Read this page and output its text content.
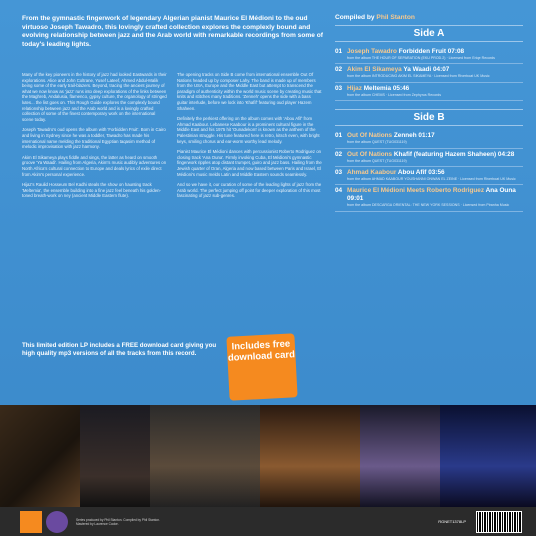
From the gymnastic fingerwork of legendary Algerian pianist Maurice El Médioni to the oud virtuoso Joseph Tawadro, this lovingly crafted collection explores the complexly bound and evolving relationship between jazz and the Arab world with remarkable recordings from some of today's leading lights.

Many of the key pioneers in the history of jazz had looked Eastwards in their explorations. Alice and John Coltrane, Yusef Lateef, Ahmed Abdul-Malik being some of the early trail-blazers. Beyond, tracing the ancient journey of what we now know as 'jazz' runs into deep explorations of the links between the Maghreb, Andalusia, flamenco, gypsy culture, the organology of stringed lutes... the list goes on. This Rough Guide explores the complexly bound relationship between jazz and the Arab world and is a lovingly crafted collection of some of the finest contemporary work on the international scene today.

Joseph Tawadro's oud opens the album with 'Forbidden Fruit'. Born in Cairo and living in Sydney since he was a toddler, Tawadro has made his international name melding the traditional Egyptian taqasim method of melodic improvisation with jazz harmony.

Akim El Sikameya plays fiddle and sings, the latter as heard on smooth groove 'Ya Waadi'. Hailing from Algeria, Akim's music audibly adventures on North Africa's cultural connection to Europe and deals lyrics of exile direct from Akim's personal experience.

Hijaz's Raulid Hosseum Bel Kadhi steals the show on haunting track 'Meltemia', the ensemble building into a fine jazz feel beneath his golden-toned breath-work on ney (ancient Middle Eastern flute).

The opening tracks on Side B come from international ensemble Out Of Nations headed up by composer Lahy. The band is made up of members from the USA, Europe and the Middle East but attempt to transcend the paradigm of authenticity within the world music scene by creating music that knits and stitches many traditions. 'Zenneh' opens the side with a bass guitar interlude, before we lock into 'Khafif' featuring oud player Hazem Shaheen.

Definitely the perkiest offering on the album comes with 'Abou Afif' from Ahmad Kaabour. Lebanese Kaabour is a prominent cultural figure in the Middle East and his 1975 hit 'Ounadekom' is known as the anthem of the Palestinian struggle. His tune featured here is retro, kitsch even, with bright keys, smiling chorus and ear-worm worthy lead melody.

Pianist Maurice El Médioni dances with percussionist Roberto Rodriguez on closing track 'Ana Ouna'. Firmly invoking Cuba, El Médioni's gymnastic fingerwork ripples atop distant trumpet, guiro and jazz bass. Hailing from the Jewish quarter of Oran, Algeria and now based between Paris and Israel, El Médioni's music melds Latin and Middle Eastern sounds seamlessly.

And so we have it, our curation of some of the leading lights of jazz from the Arab world. The perfect jumping off point for deeper exploration of this most fascinating of jazz sub-genres.

This limited edition LP includes a FREE download card giving you high quality mp3 versions of all the tracks from this record.
Includes free download card
Compiled by Phil Stanton
Side A
01 Joseph Tawadro Forbidden Fruit 07:08
from the album THE HOUR OF SEPARATION (EKU PROD.2) · Licensed from Eriqe Records
02 Akim El Sikameya Ya Waadi 04:07
from the album INTRODUCING AKIM EL SIKAMEYA · Licensed from Riverboat UK Music
03 Hijaz Meltemia 05:46
from the album CHEMS · Licensed from Zephyrus Records
Side B
01 Out Of Nations Zenneh 01:17
from the album QUEST (TUG031119)
02 Out Of Nations Khafif (featuring Hazem Shaheen) 04:28
from the album QUEST (TUG031119)
03 Ahmad Kaabour Abou Afif 03:56
from the album AHMAD KAABOUR YOUSHANNI ONWAN EL ZEINE · Licensed from Riverboat UK Music
04 Maurice El Médioni Meets Roberto Rodriguez Ana Ouna 09:01
from the album DESCARGA ORIENTAL: THE NEW YORK SESSIONS · Licensed from Piranha Music
Series produced by Phil Stanton. Compiled by Phil Stanton. Mastered by Laurence Cooke.	RGNET1378LP
